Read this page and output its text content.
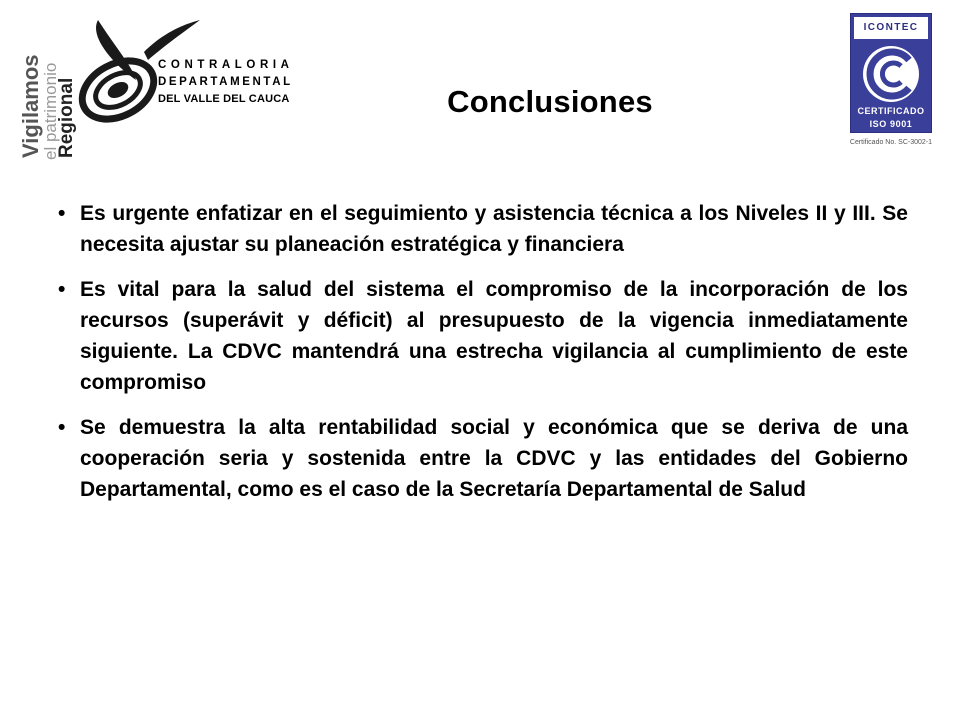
Vigilamos
el patrimonio
Regional
CONTRALORIA
DEPARTAMENTAL
DEL VALLE DEL CAUCA	Conclusiones
ICONTEC
CERTIFICADO
ISO 9001
Certificado No. SC-3002-1
• Es urgente enfatizar en el seguimiento y asistencia técnica a los Niveles II y III. Se necesita ajustar su planeación estratégica y financiera
• Es vital para la salud del sistema el compromiso de la incorporación de los recursos (superávit y déficit) al presupuesto de la vigencia inmediatamente siguiente. La CDVC mantendrá una estrecha vigilancia al cumplimiento de este compromiso
• Se demuestra la alta rentabilidad social y económica que se deriva de una cooperación seria y sostenida entre la CDVC y las entidades del Gobierno Departamental, como es el caso de la Secretaría Departamental de Salud
